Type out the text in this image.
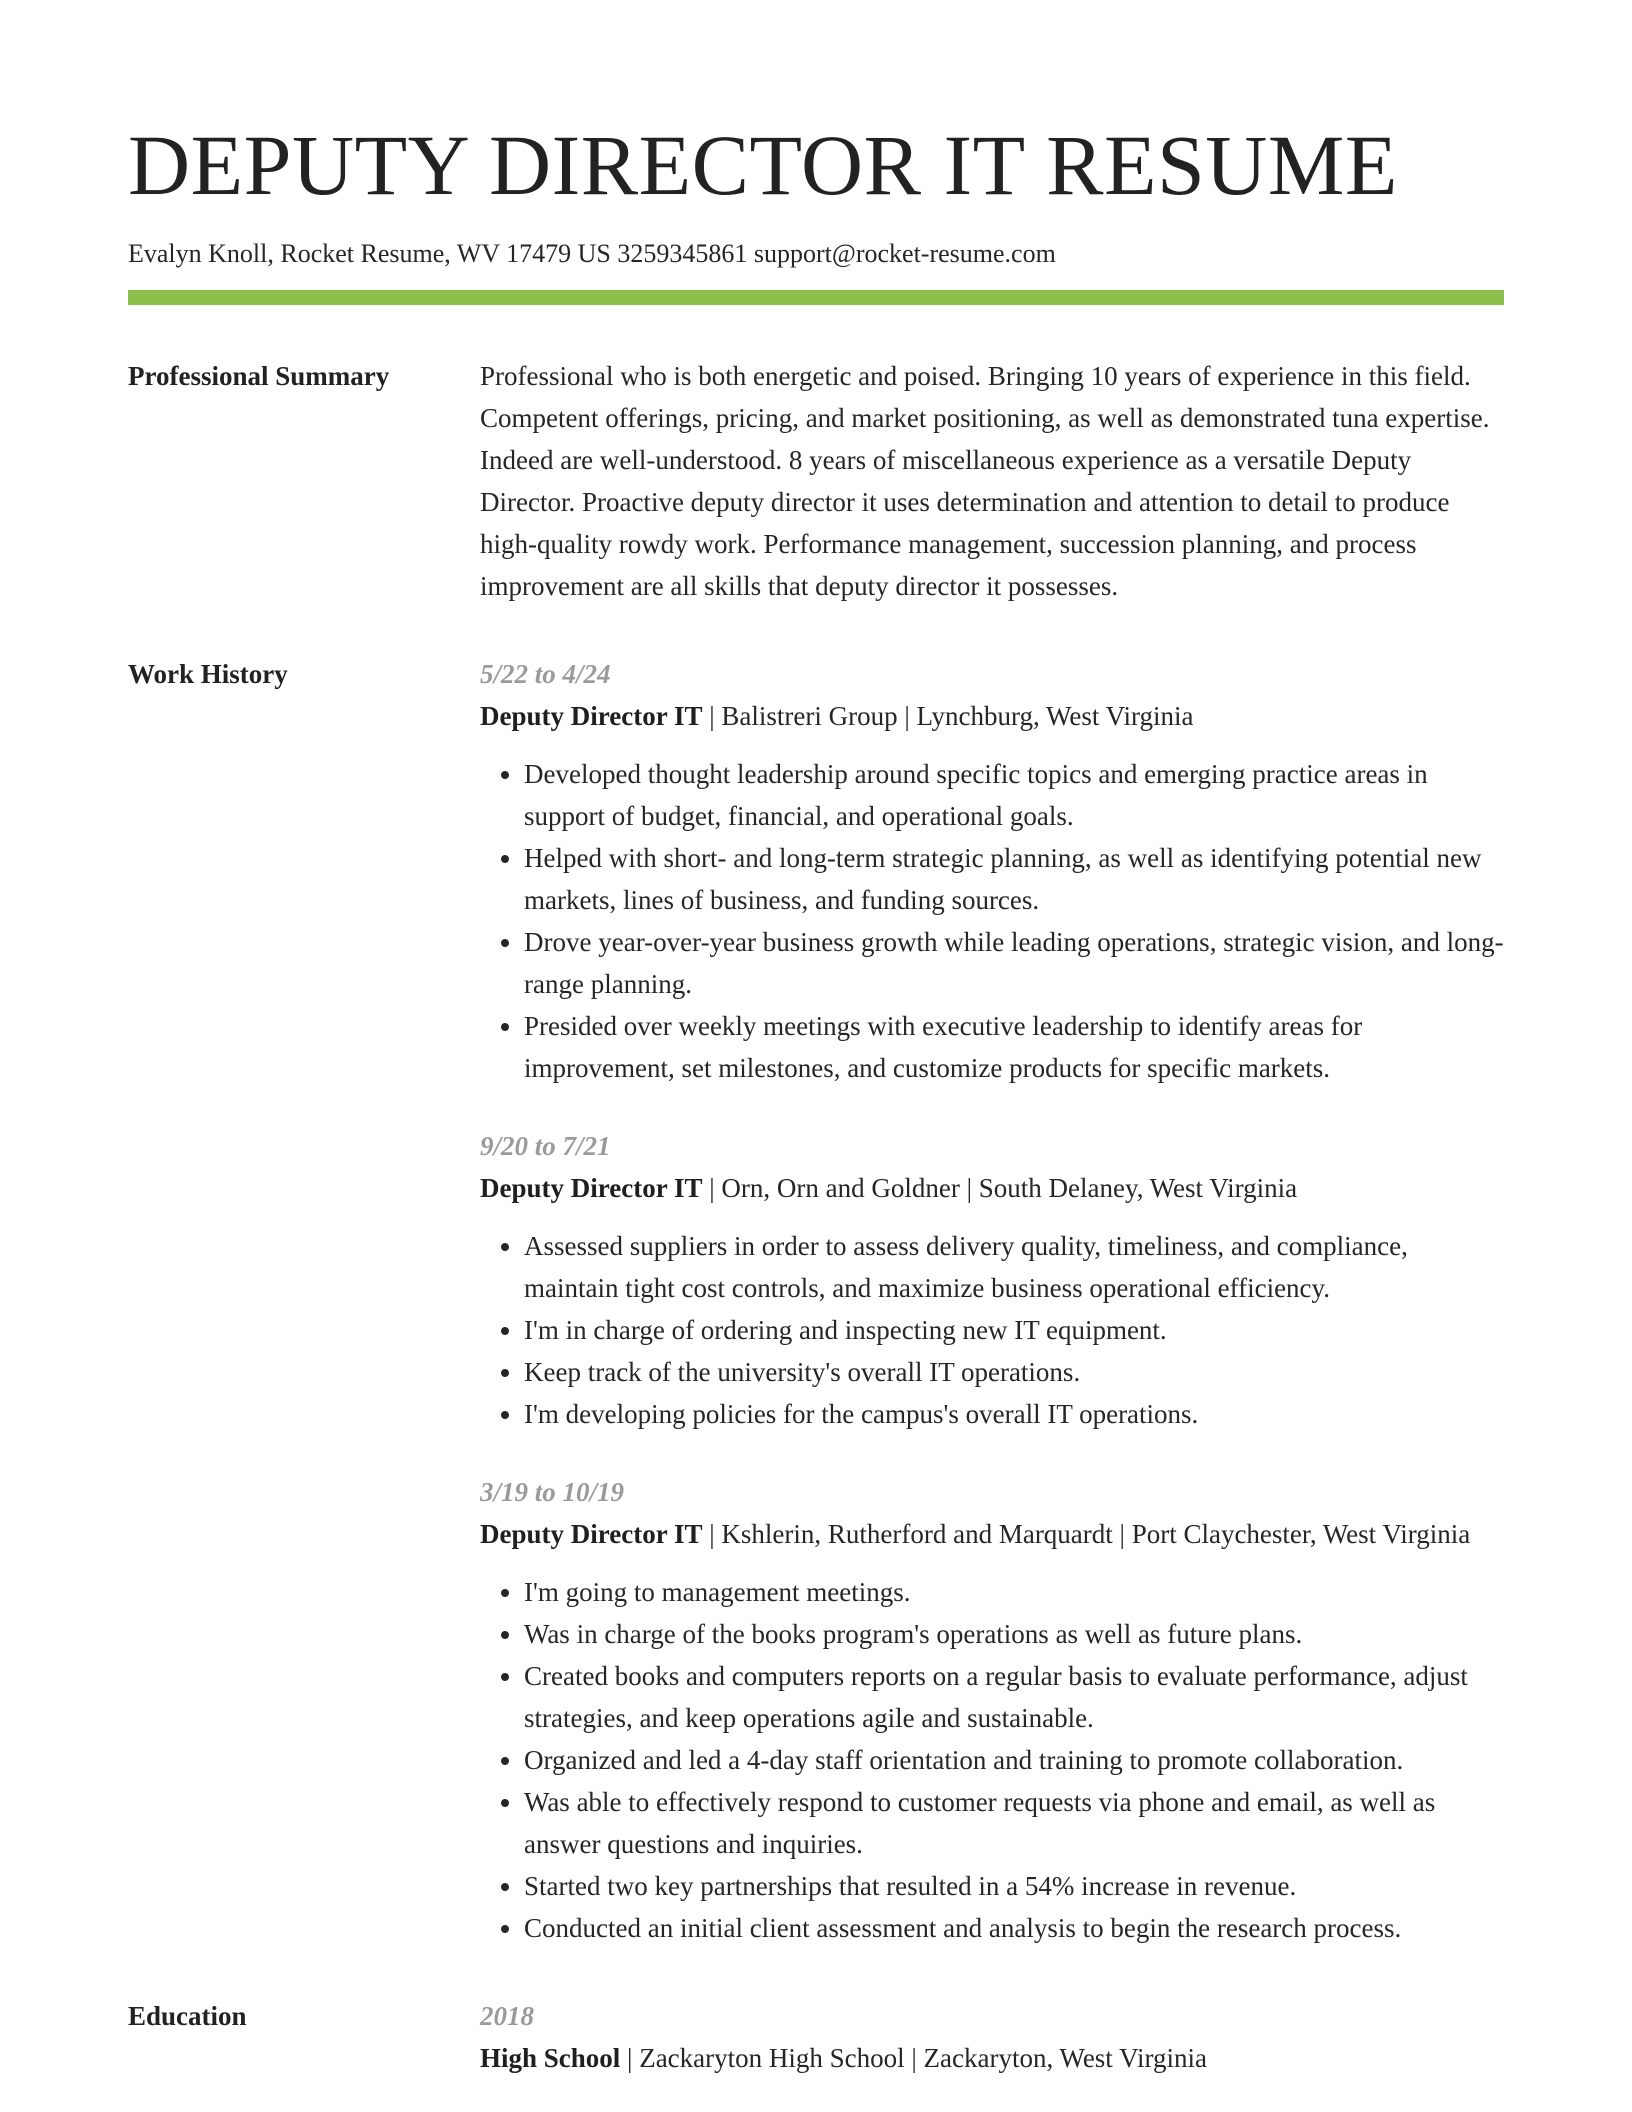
DEPUTY DIRECTOR IT RESUME
Evalyn Knoll, Rocket Resume, WV 17479 US 3259345861 support@rocket-resume.com
Professional Summary	Professional who is both energetic and poised. Bringing 10 years of experience in this field. Competent offerings, pricing, and market positioning, as well as demonstrated tuna expertise. Indeed are well-understood. 8 years of miscellaneous experience as a versatile Deputy Director. Proactive deputy director it uses determination and attention to detail to produce high-quality rowdy work. Performance management, succession planning, and process improvement are all skills that deputy director it possesses.

Work History	5/22 to 4/24
Deputy Director IT | Balistreri Group | Lynchburg, West Virginia
• Developed thought leadership around specific topics and emerging practice areas in support of budget, financial, and operational goals.
• Helped with short- and long-term strategic planning, as well as identifying potential new markets, lines of business, and funding sources.
• Drove year-over-year business growth while leading operations, strategic vision, and long-range planning.
• Presided over weekly meetings with executive leadership to identify areas for improvement, set milestones, and customize products for specific markets.
9/20 to 7/21
Deputy Director IT | Orn, Orn and Goldner | South Delaney, West Virginia
• Assessed suppliers in order to assess delivery quality, timeliness, and compliance, maintain tight cost controls, and maximize business operational efficiency.
• I'm in charge of ordering and inspecting new IT equipment.
• Keep track of the university's overall IT operations.
• I'm developing policies for the campus's overall IT operations.
3/19 to 10/19
Deputy Director IT | Kshlerin, Rutherford and Marquardt | Port Claychester, West Virginia
• I'm going to management meetings.
• Was in charge of the books program's operations as well as future plans.
• Created books and computers reports on a regular basis to evaluate performance, adjust strategies, and keep operations agile and sustainable.
• Organized and led a 4-day staff orientation and training to promote collaboration.
• Was able to effectively respond to customer requests via phone and email, as well as answer questions and inquiries.
• Started two key partnerships that resulted in a 54% increase in revenue.
• Conducted an initial client assessment and analysis to begin the research process.
Education	2018
High School | Zackaryton High School | Zackaryton, West Virginia
